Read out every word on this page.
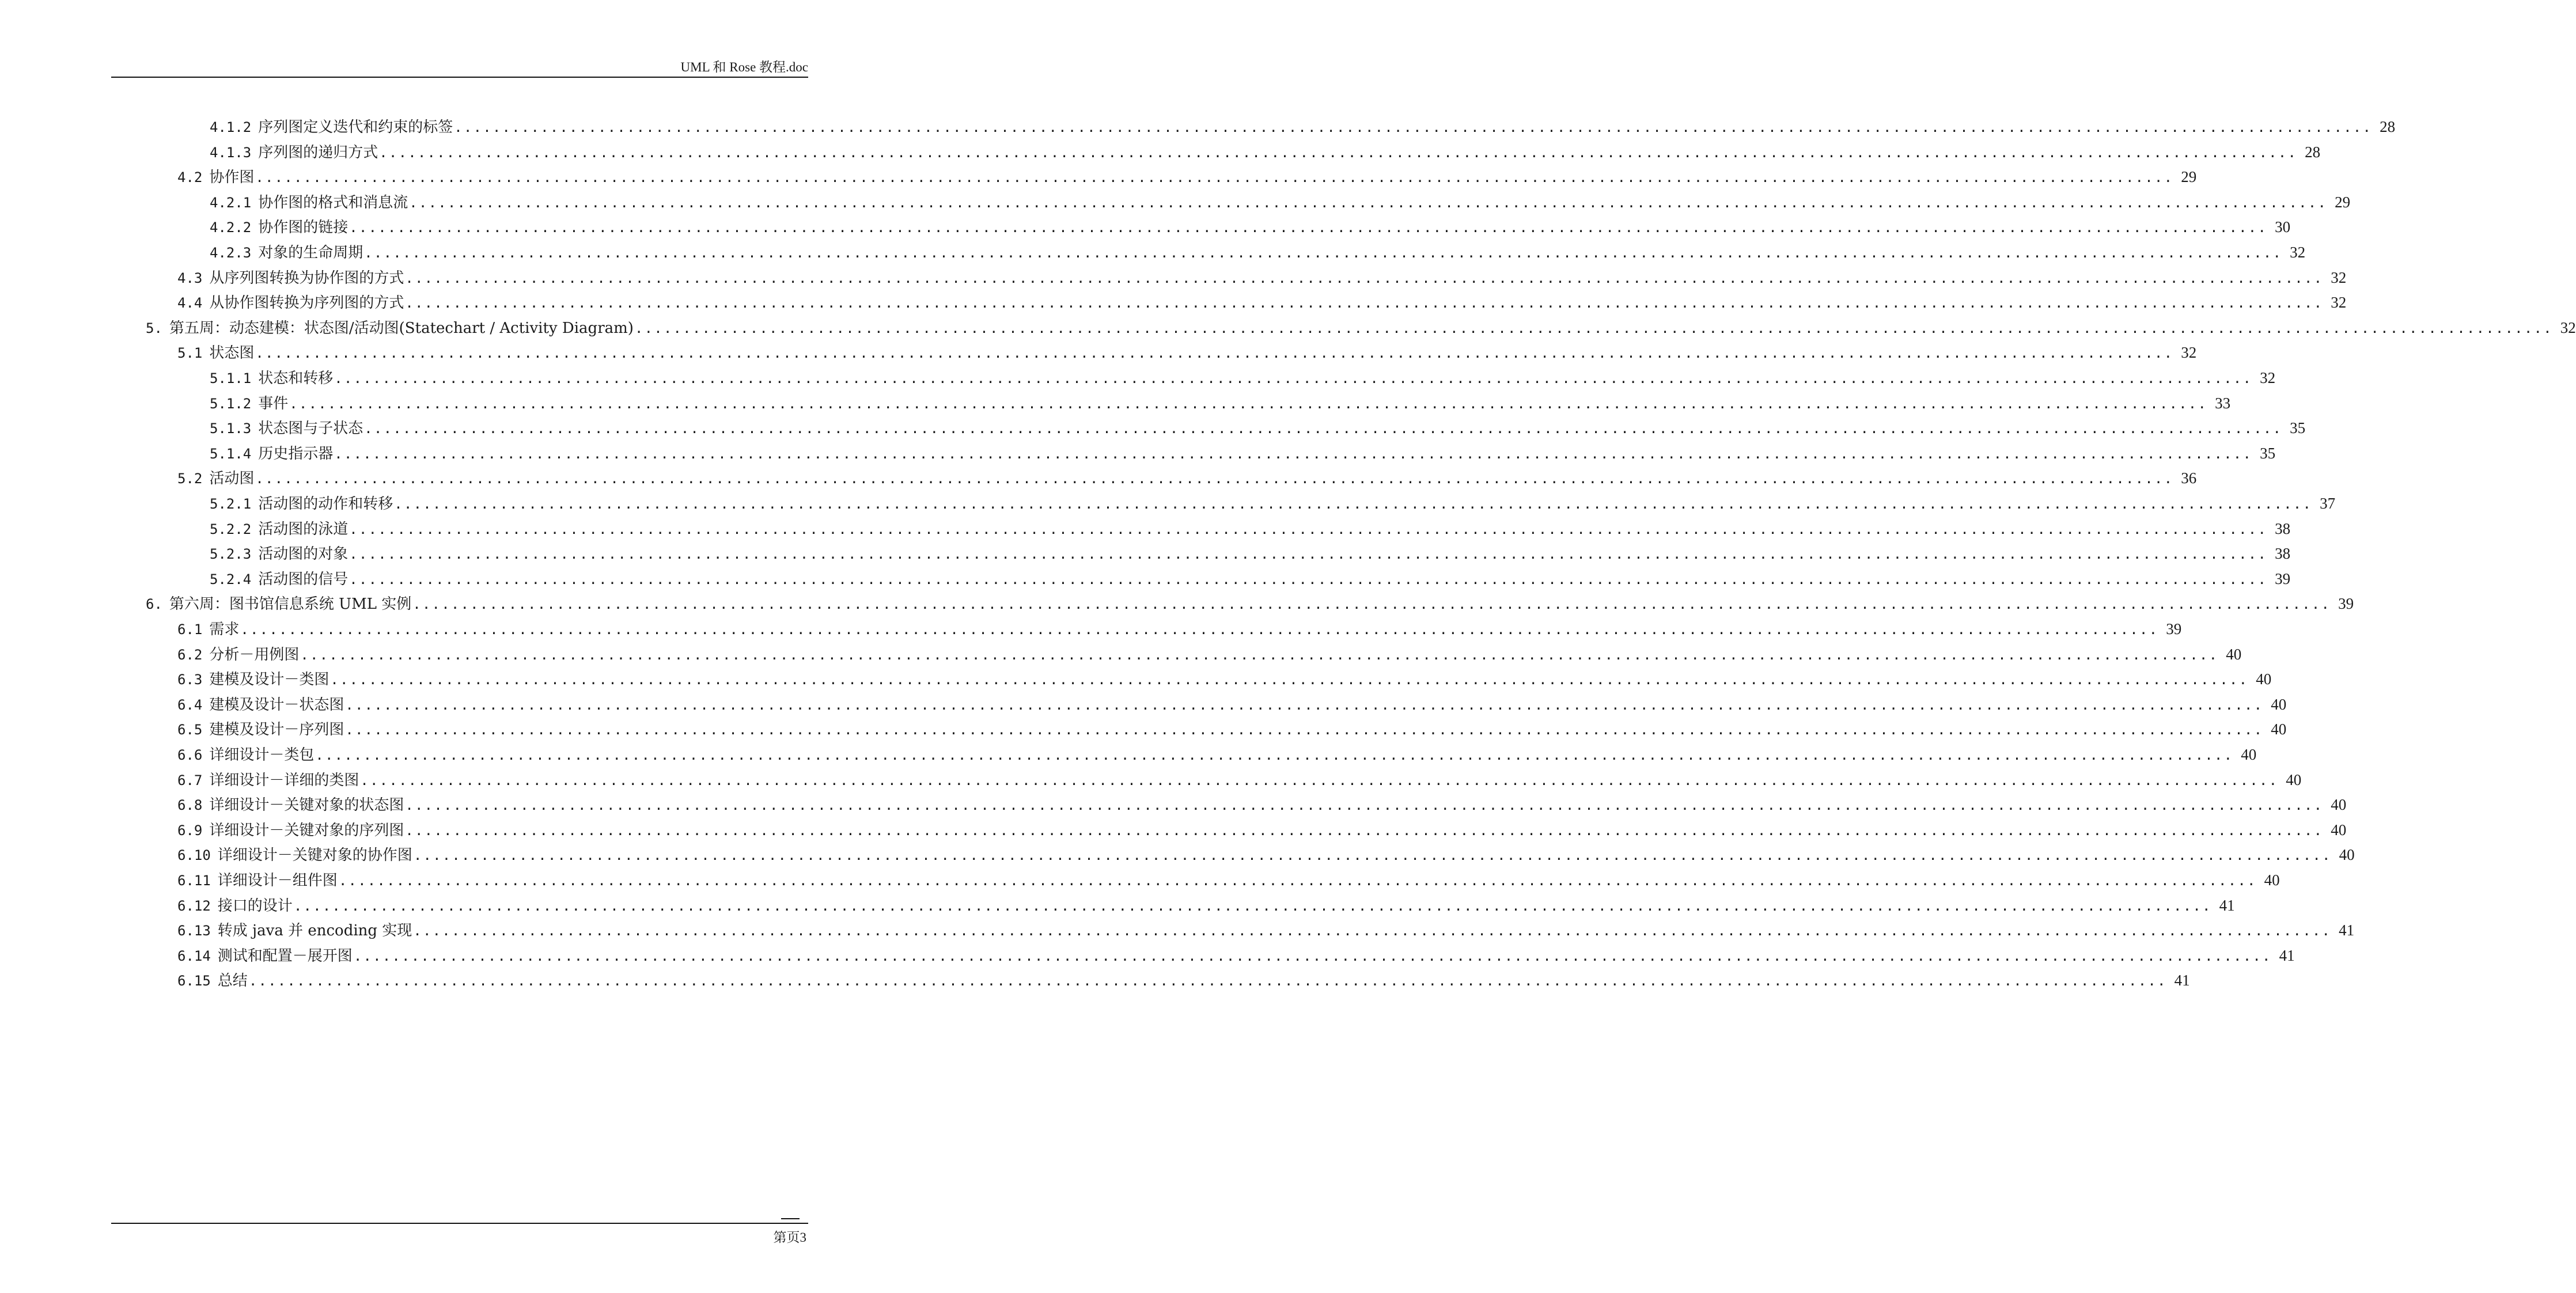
UML 和 Rose 教程.doc
4.1.2 序列图定义迭代和约束的标签 ........................................................................................................................................................................................................ 28
4.1.3 序列图的递归方式 ........................................................................................................................................................................................................ 28
4.2 协作图 ........................................................................................................................................................................................................ 29
4.2.1 协作图的格式和消息流 ........................................................................................................................................................................................................ 29
4.2.2 协作图的链接 ........................................................................................................................................................................................................ 30
4.2.3 对象的生命周期 ........................................................................................................................................................................................................ 32
4.3 从序列图转换为协作图的方式 ........................................................................................................................................................................................................ 32
4.4 从协作图转换为序列图的方式 ........................................................................................................................................................................................................ 32
5. 第五周：动态建模：状态图/活动图(Statechart / Activity Diagram) ........................................................................................................................................................................................................ 32
5.1 状态图 ........................................................................................................................................................................................................ 32
5.1.1 状态和转移 ........................................................................................................................................................................................................ 32
5.1.2 事件 ........................................................................................................................................................................................................ 33
5.1.3 状态图与子状态 ........................................................................................................................................................................................................ 35
5.1.4 历史指示器 ........................................................................................................................................................................................................ 35
5.2 活动图 ........................................................................................................................................................................................................ 36
5.2.1 活动图的动作和转移 ........................................................................................................................................................................................................ 37
5.2.2 活动图的泳道 ........................................................................................................................................................................................................ 38
5.2.3 活动图的对象 ........................................................................................................................................................................................................ 38
5.2.4 活动图的信号 ........................................................................................................................................................................................................ 39
6. 第六周：图书馆信息系统 UML 实例 ........................................................................................................................................................................................................ 39
6.1 需求 ........................................................................................................................................................................................................ 39
6.2 分析－用例图 ........................................................................................................................................................................................................ 40
6.3 建模及设计－类图 ........................................................................................................................................................................................................ 40
6.4 建模及设计－状态图 ........................................................................................................................................................................................................ 40
6.5 建模及设计－序列图 ........................................................................................................................................................................................................ 40
6.6 详细设计－类包 ........................................................................................................................................................................................................ 40
6.7 详细设计－详细的类图 ........................................................................................................................................................................................................ 40
6.8 详细设计－关键对象的状态图 ........................................................................................................................................................................................................ 40
6.9 详细设计－关键对象的序列图 ........................................................................................................................................................................................................ 40
6.10 详细设计－关键对象的协作图 ........................................................................................................................................................................................................ 40
6.11 详细设计－组件图 ........................................................................................................................................................................................................ 40
6.12 接口的设计 ........................................................................................................................................................................................................ 41
6.13 转成 java 并 encoding 实现 ........................................................................................................................................................................................................ 41
6.14 测试和配置－展开图 ........................................................................................................................................................................................................ 41
6.15 总结 ........................................................................................................................................................................................................ 41
第页3
